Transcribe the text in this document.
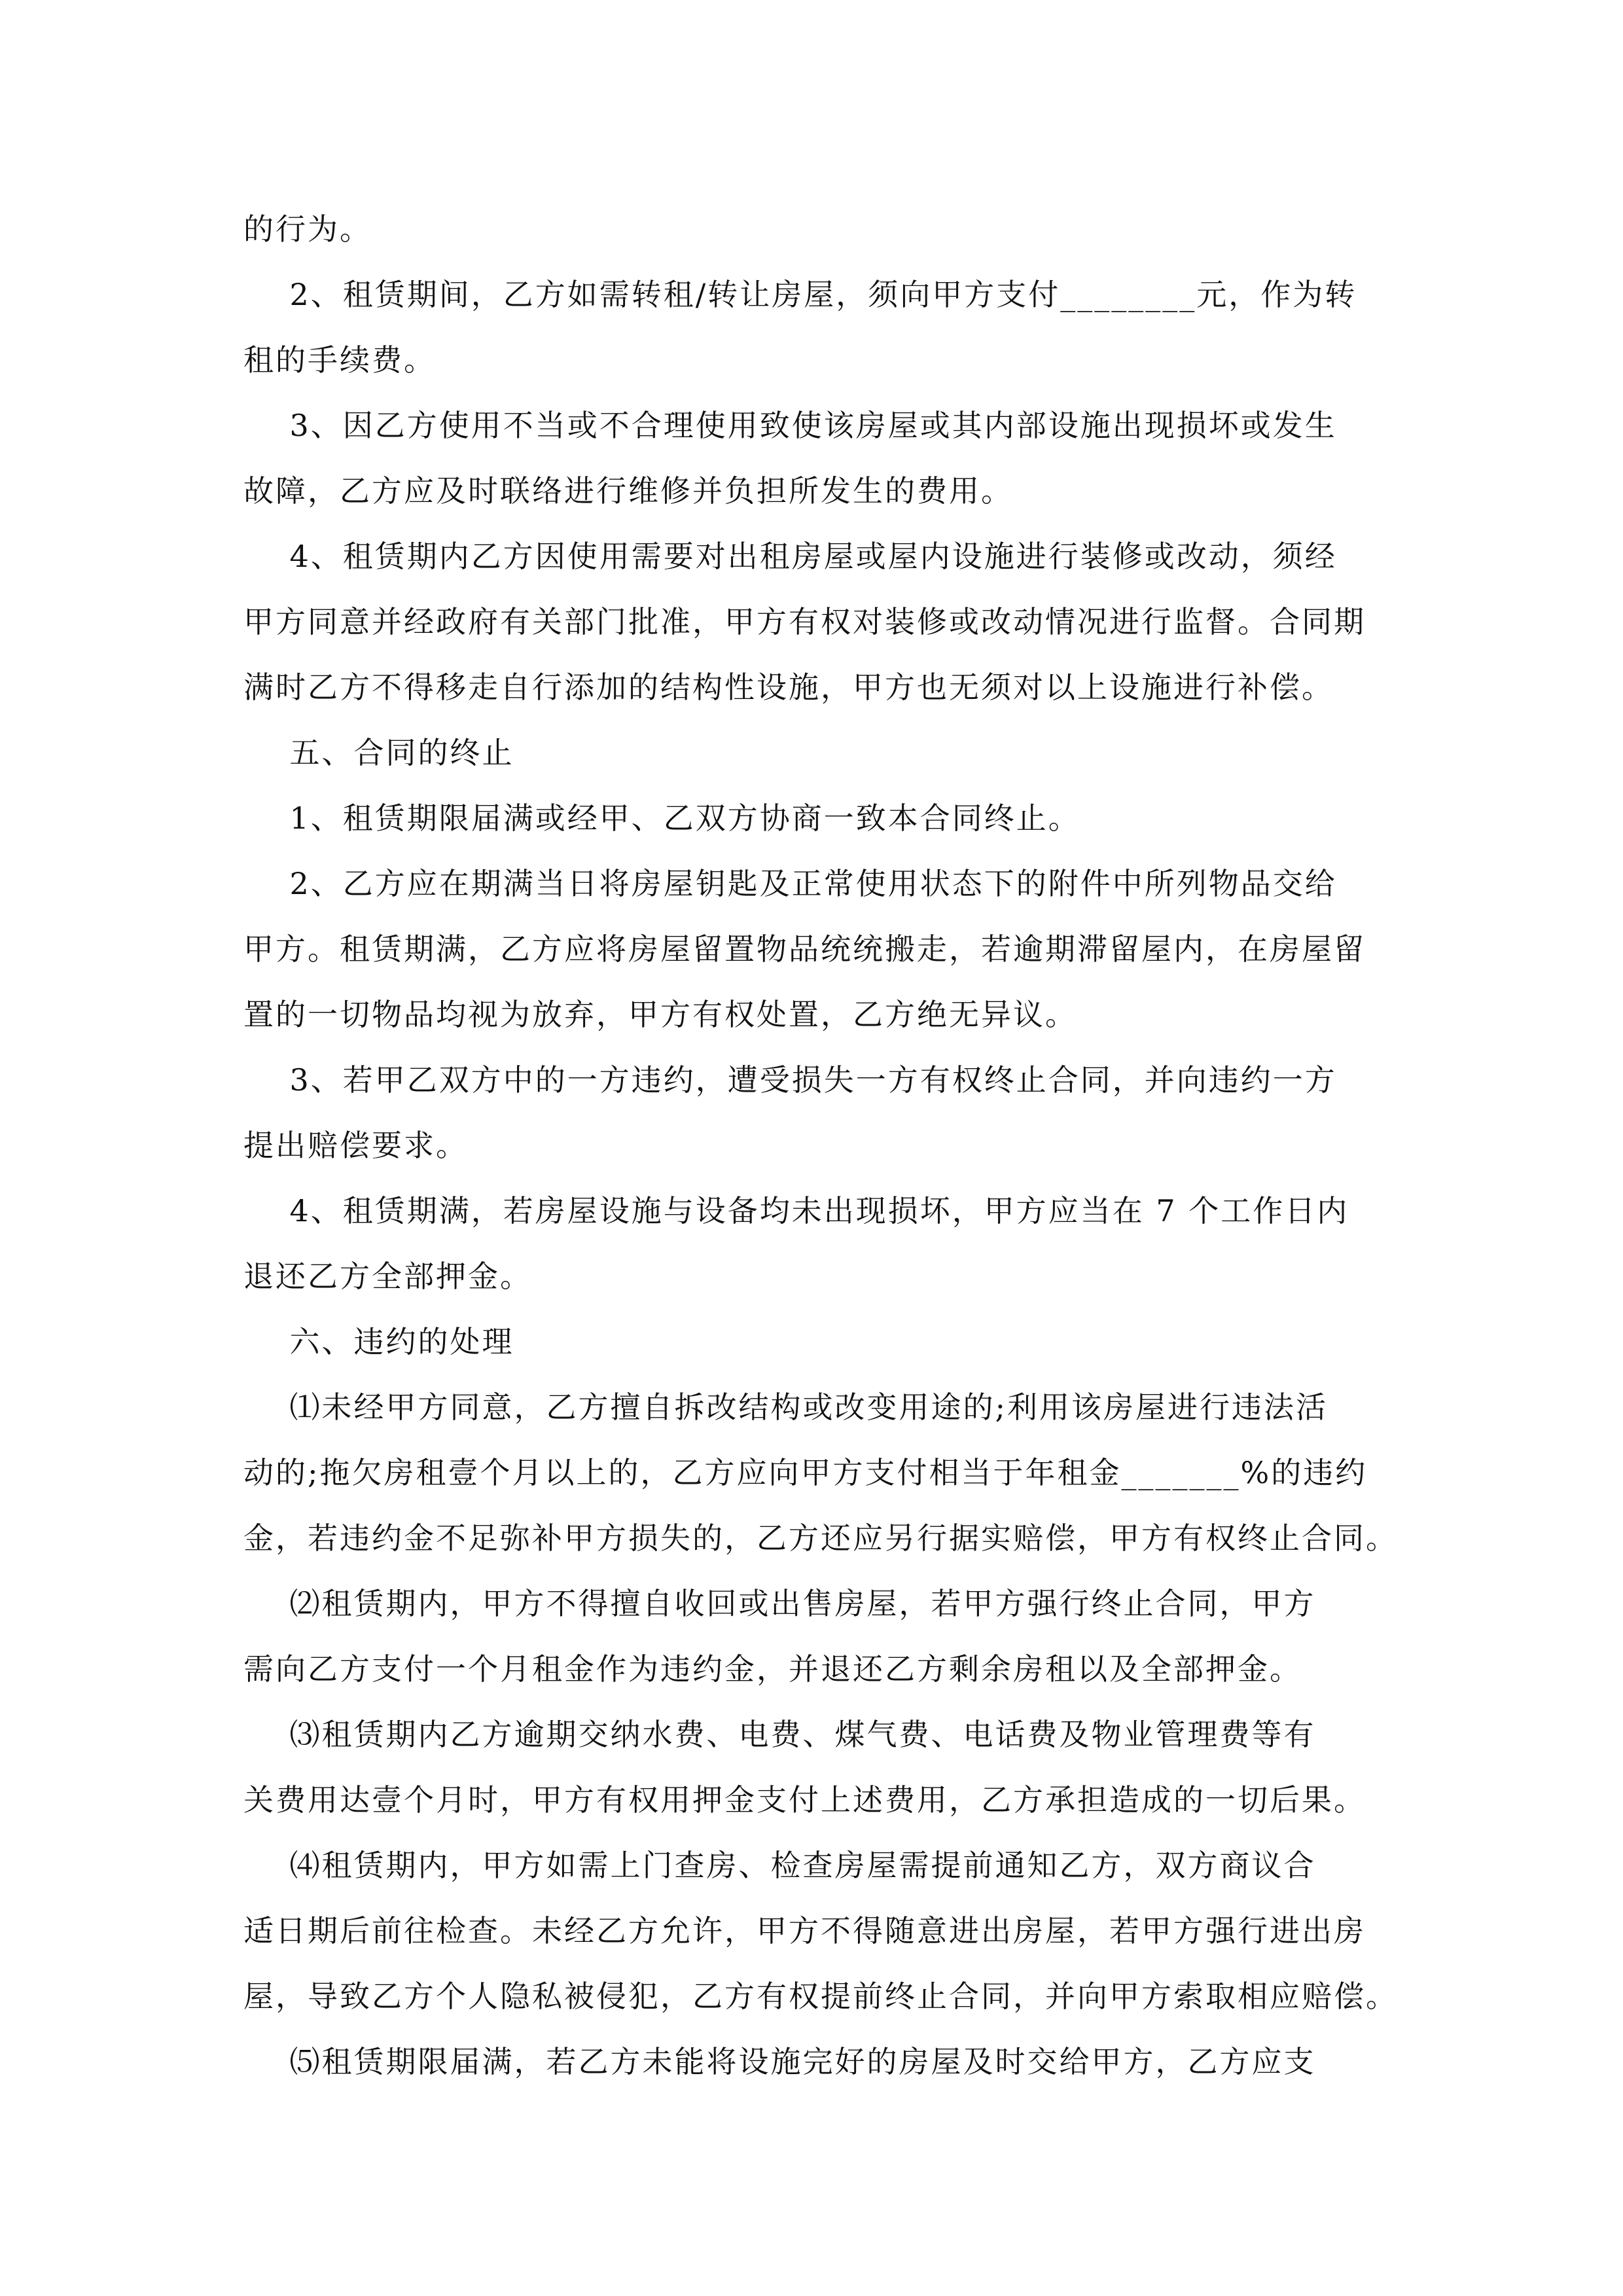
的行为。
2、租赁期间，乙方如需转租/转让房屋，须向甲方支付________元，作为转
租的手续费。
3、因乙方使用不当或不合理使用致使该房屋或其内部设施出现损坏或发生
故障，乙方应及时联络进行维修并负担所发生的费用。
4、租赁期内乙方因使用需要对出租房屋或屋内设施进行装修或改动，须经
甲方同意并经政府有关部门批准，甲方有权对装修或改动情况进行监督。合同期
满时乙方不得移走自行添加的结构性设施，甲方也无须对以上设施进行补偿。
五、合同的终止
1、租赁期限届满或经甲、乙双方协商一致本合同终止。
2、乙方应在期满当日将房屋钥匙及正常使用状态下的附件中所列物品交给
甲方。租赁期满，乙方应将房屋留置物品统统搬走，若逾期滞留屋内，在房屋留
置的一切物品均视为放弃，甲方有权处置，乙方绝无异议。
3、若甲乙双方中的一方违约，遭受损失一方有权终止合同，并向违约一方
提出赔偿要求。
4、租赁期满，若房屋设施与设备均未出现损坏，甲方应当在 7 个工作日内
退还乙方全部押金。
六、违约的处理
⑴未经甲方同意，乙方擅自拆改结构或改变用途的;利用该房屋进行违法活
动的;拖欠房租壹个月以上的，乙方应向甲方支付相当于年租金_______%的违约
金，若违约金不足弥补甲方损失的，乙方还应另行据实赔偿，甲方有权终止合同。
⑵租赁期内，甲方不得擅自收回或出售房屋，若甲方强行终止合同，甲方
需向乙方支付一个月租金作为违约金，并退还乙方剩余房租以及全部押金。
⑶租赁期内乙方逾期交纳水费、电费、煤气费、电话费及物业管理费等有
关费用达壹个月时，甲方有权用押金支付上述费用，乙方承担造成的一切后果。
⑷租赁期内，甲方如需上门查房、检查房屋需提前通知乙方，双方商议合
适日期后前往检查。未经乙方允许，甲方不得随意进出房屋，若甲方强行进出房
屋，导致乙方个人隐私被侵犯，乙方有权提前终止合同，并向甲方索取相应赔偿。
⑸租赁期限届满，若乙方未能将设施完好的房屋及时交给甲方，乙方应支
